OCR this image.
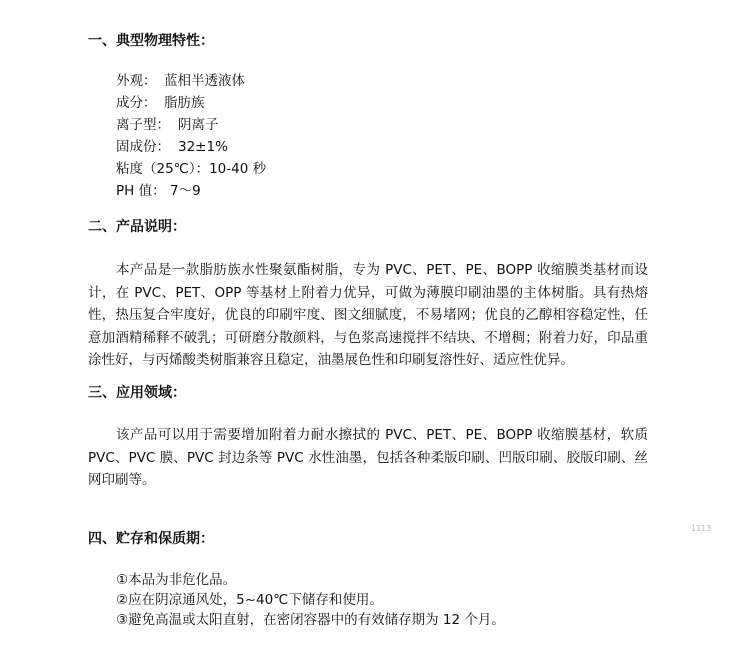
一、典型物理特性：
外观： 蓝相半透液体
成分： 脂肪族
离子型： 阴离子
固成份： 32±1%
粘度（25℃）：10-40 秒
PH 值： 7～9
二、产品说明：

本产品是一款脂肪族水性聚氨酯树脂，专为 PVC、PET、PE、BOPP 收缩膜类基材而设计，在 PVC、PET、OPP 等基材上附着力优异，可做为薄膜印刷油墨的主体树脂。具有热熔性，热压复合牢度好，优良的印刷牢度、图文细腻度，不易堵网；优良的乙醇相容稳定性，任意加酒精稀释不破乳；可研磨分散颜料，与色浆高速搅拌不结块、不增稠；附着力好，印品重涂性好，与丙烯酸类树脂兼容且稳定，油墨展色性和印刷复溶性好、适应性优异。

三、应用领域：

该产品可以用于需要增加附着力耐水擦拭的 PVC、PET、PE、BOPP 收缩膜基材，软质 PVC、PVC 膜、PVC 封边条等 PVC 水性油墨，包括各种柔版印刷、凹版印刷、胶版印刷、丝网印刷等。

1113
四、贮存和保质期：
①本品为非危化品。
②应在阴凉通风处，5~40℃下储存和使用。
③避免高温或太阳直射，在密闭容器中的有效储存期为 12 个月。
